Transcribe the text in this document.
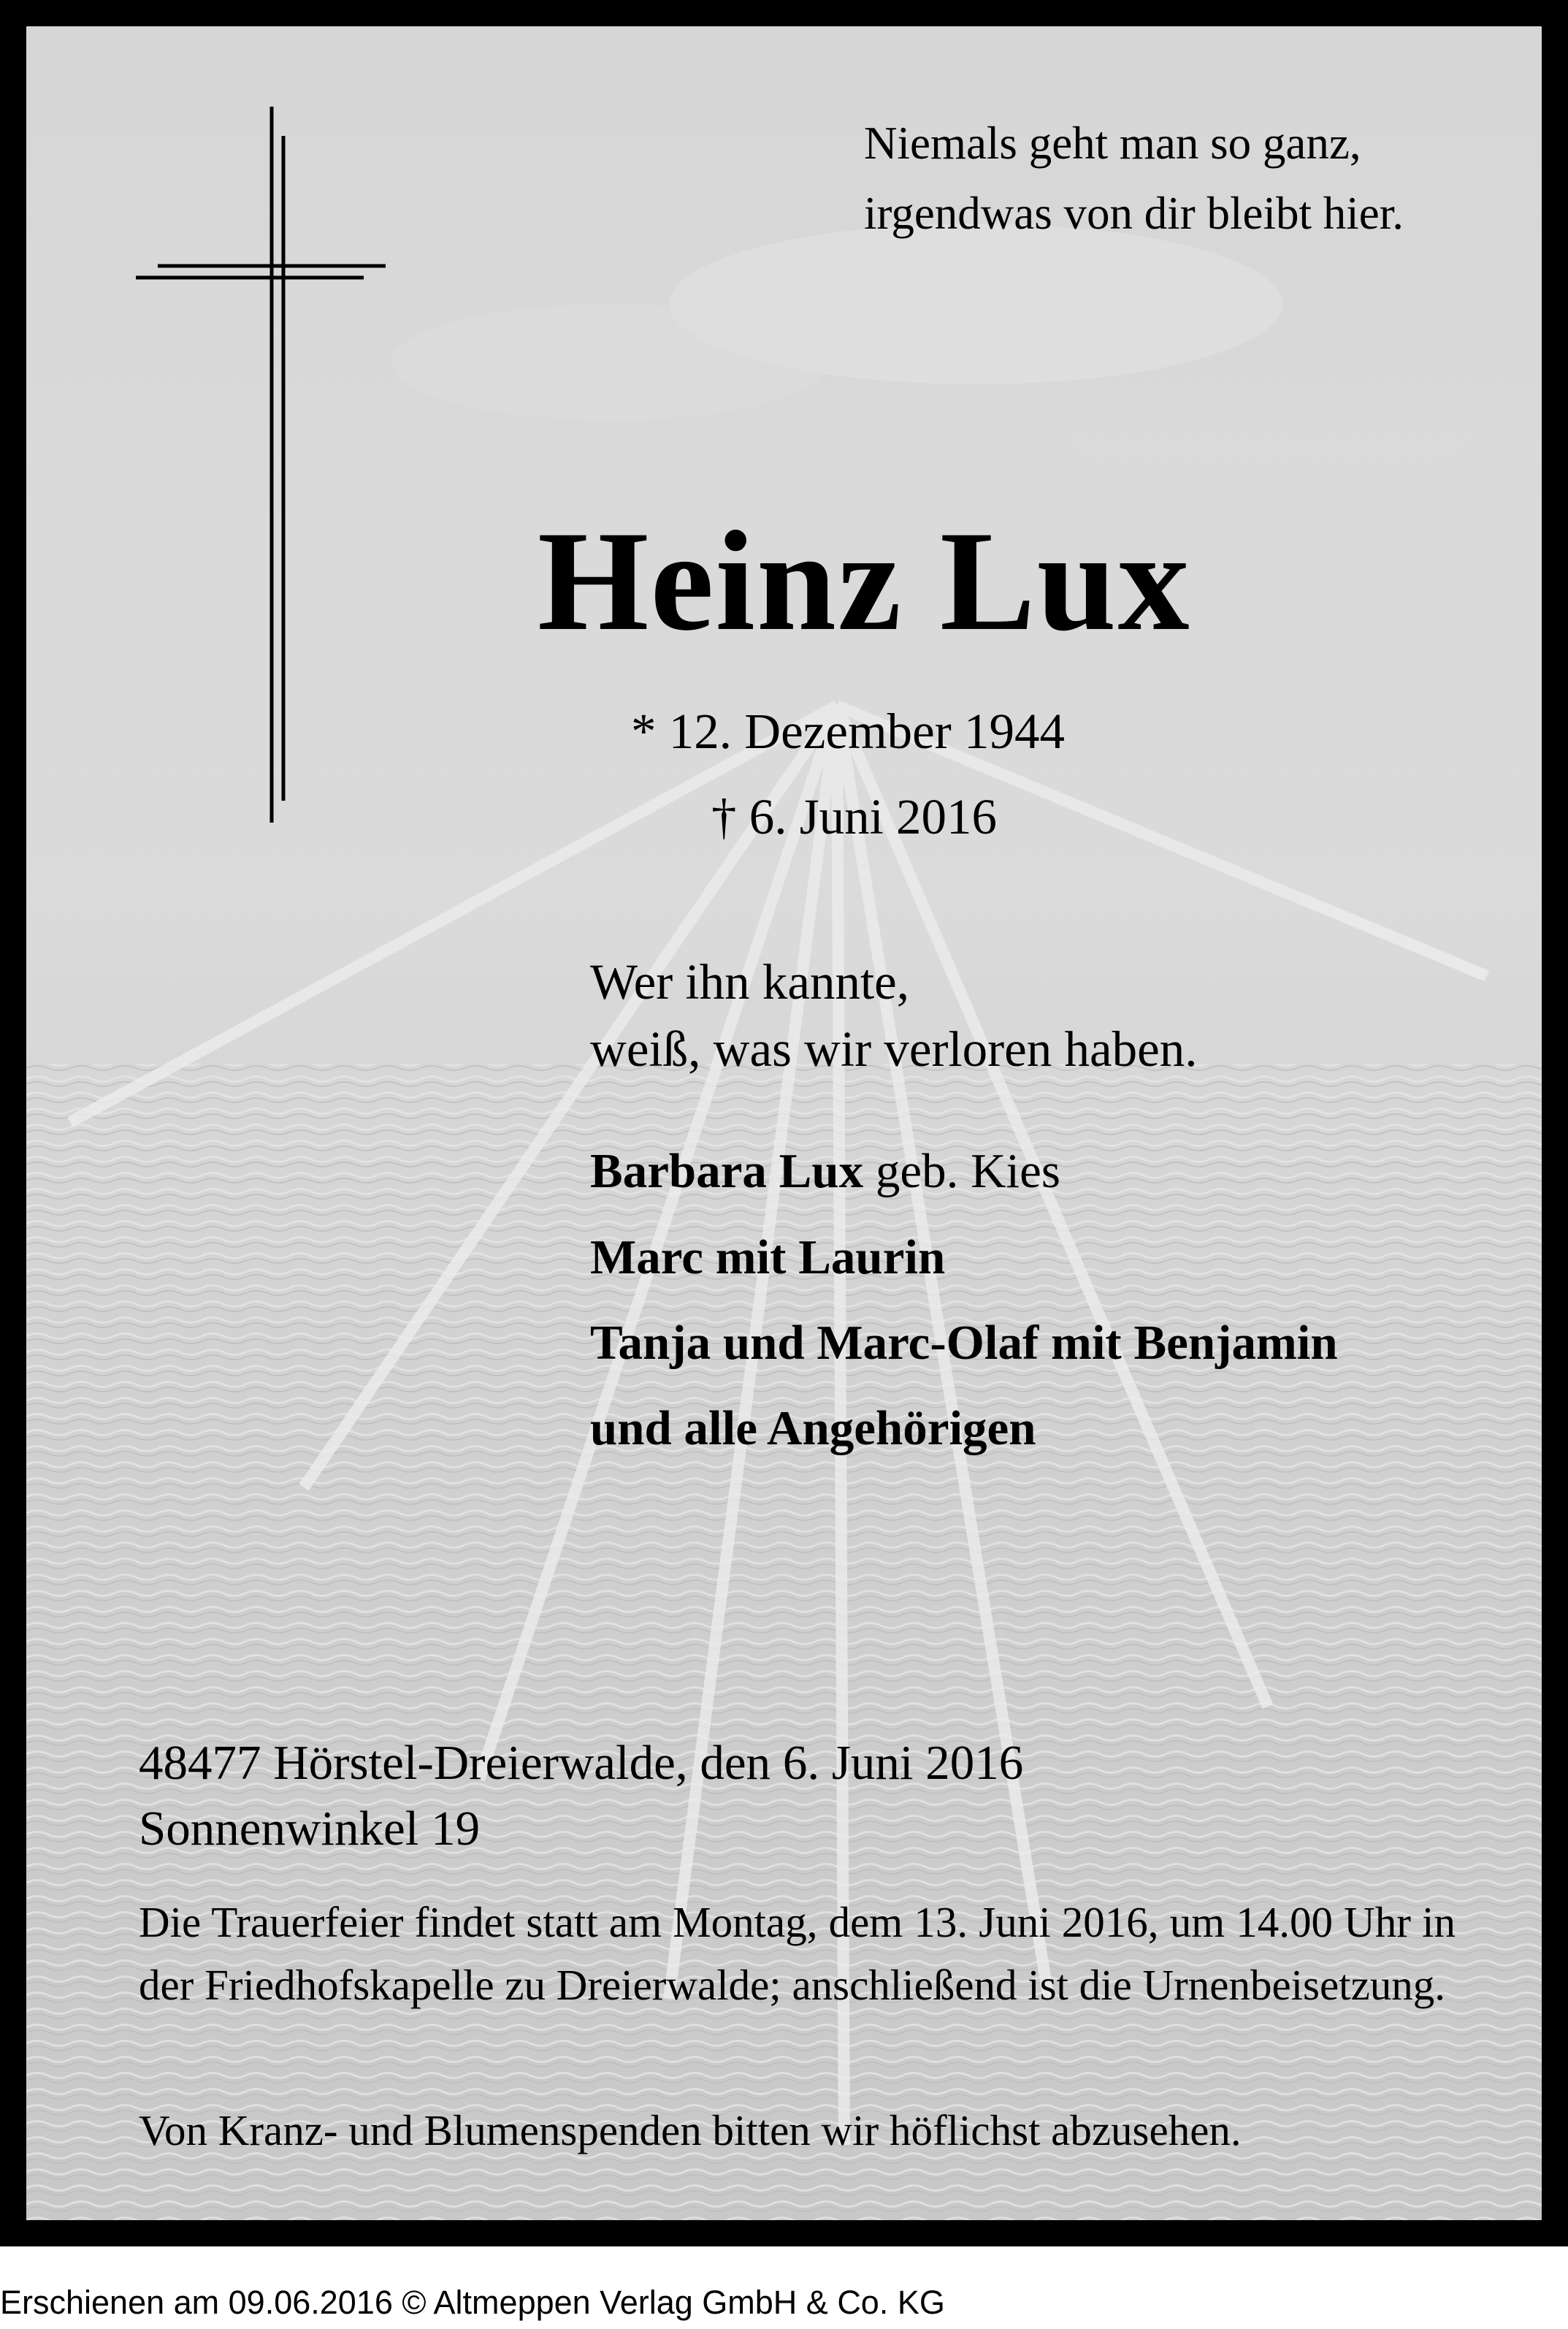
Niemals geht man so ganz,
irgendwas von dir bleibt hier.
Heinz Lux
* 12. Dezember 1944
† 6. Juni 2016
Wer ihn kannte,
weiß, was wir verloren haben.
Barbara Lux geb. Kies
Marc mit Laurin
Tanja und Marc-Olaf mit Benjamin
und alle Angehörigen
48477 Hörstel-Dreierwalde, den 6. Juni 2016
Sonnenwinkel 19
Die Trauerfeier findet statt am Montag, dem 13. Juni 2016, um 14.00 Uhr in der Friedhofskapelle zu Dreierwalde; anschließend ist die Urnenbeisetzung.
Von Kranz- und Blumenspenden bitten wir höflichst abzusehen.
Erschienen am 09.06.2016 © Altmeppen Verlag GmbH & Co. KG
